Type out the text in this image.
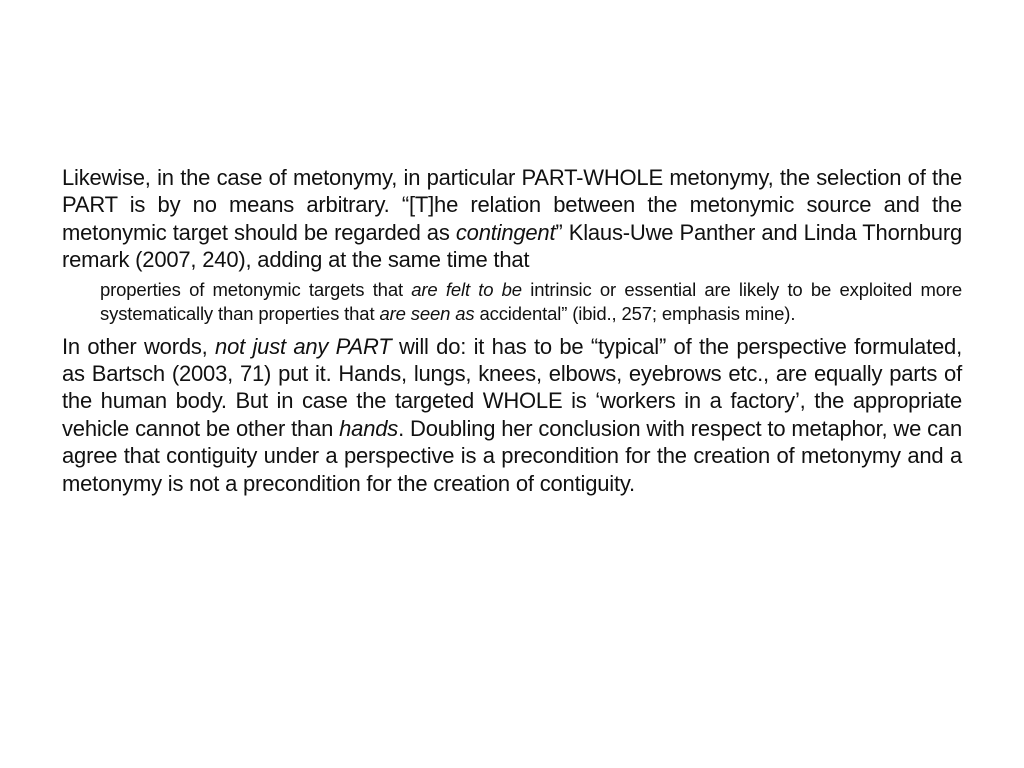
Likewise, in the case of metonymy, in particular PART-WHOLE metonymy, the selection of the PART is by no means arbitrary. “[T]he relation between the metonymic source and the metonymic target should be regarded as contingent” Klaus-Uwe Panther and Linda Thornburg remark (2007, 240), adding at the same time that

properties of metonymic targets that are felt to be intrinsic or essential are likely to be exploited more systematically than properties that are seen as accidental” (ibid., 257; emphasis mine).

In other words, not just any PART will do: it has to be “typical” of the perspective formulated, as Bartsch (2003, 71) put it. Hands, lungs, knees, elbows, eyebrows etc., are equally parts of the human body. But in case the targeted WHOLE is ‘workers in a factory’, the appropriate vehicle cannot be other than hands. Doubling her conclusion with respect to metaphor, we can agree that contiguity under a perspective is a precondition for the creation of metonymy and a metonymy is not a precondition for the creation of contiguity.
